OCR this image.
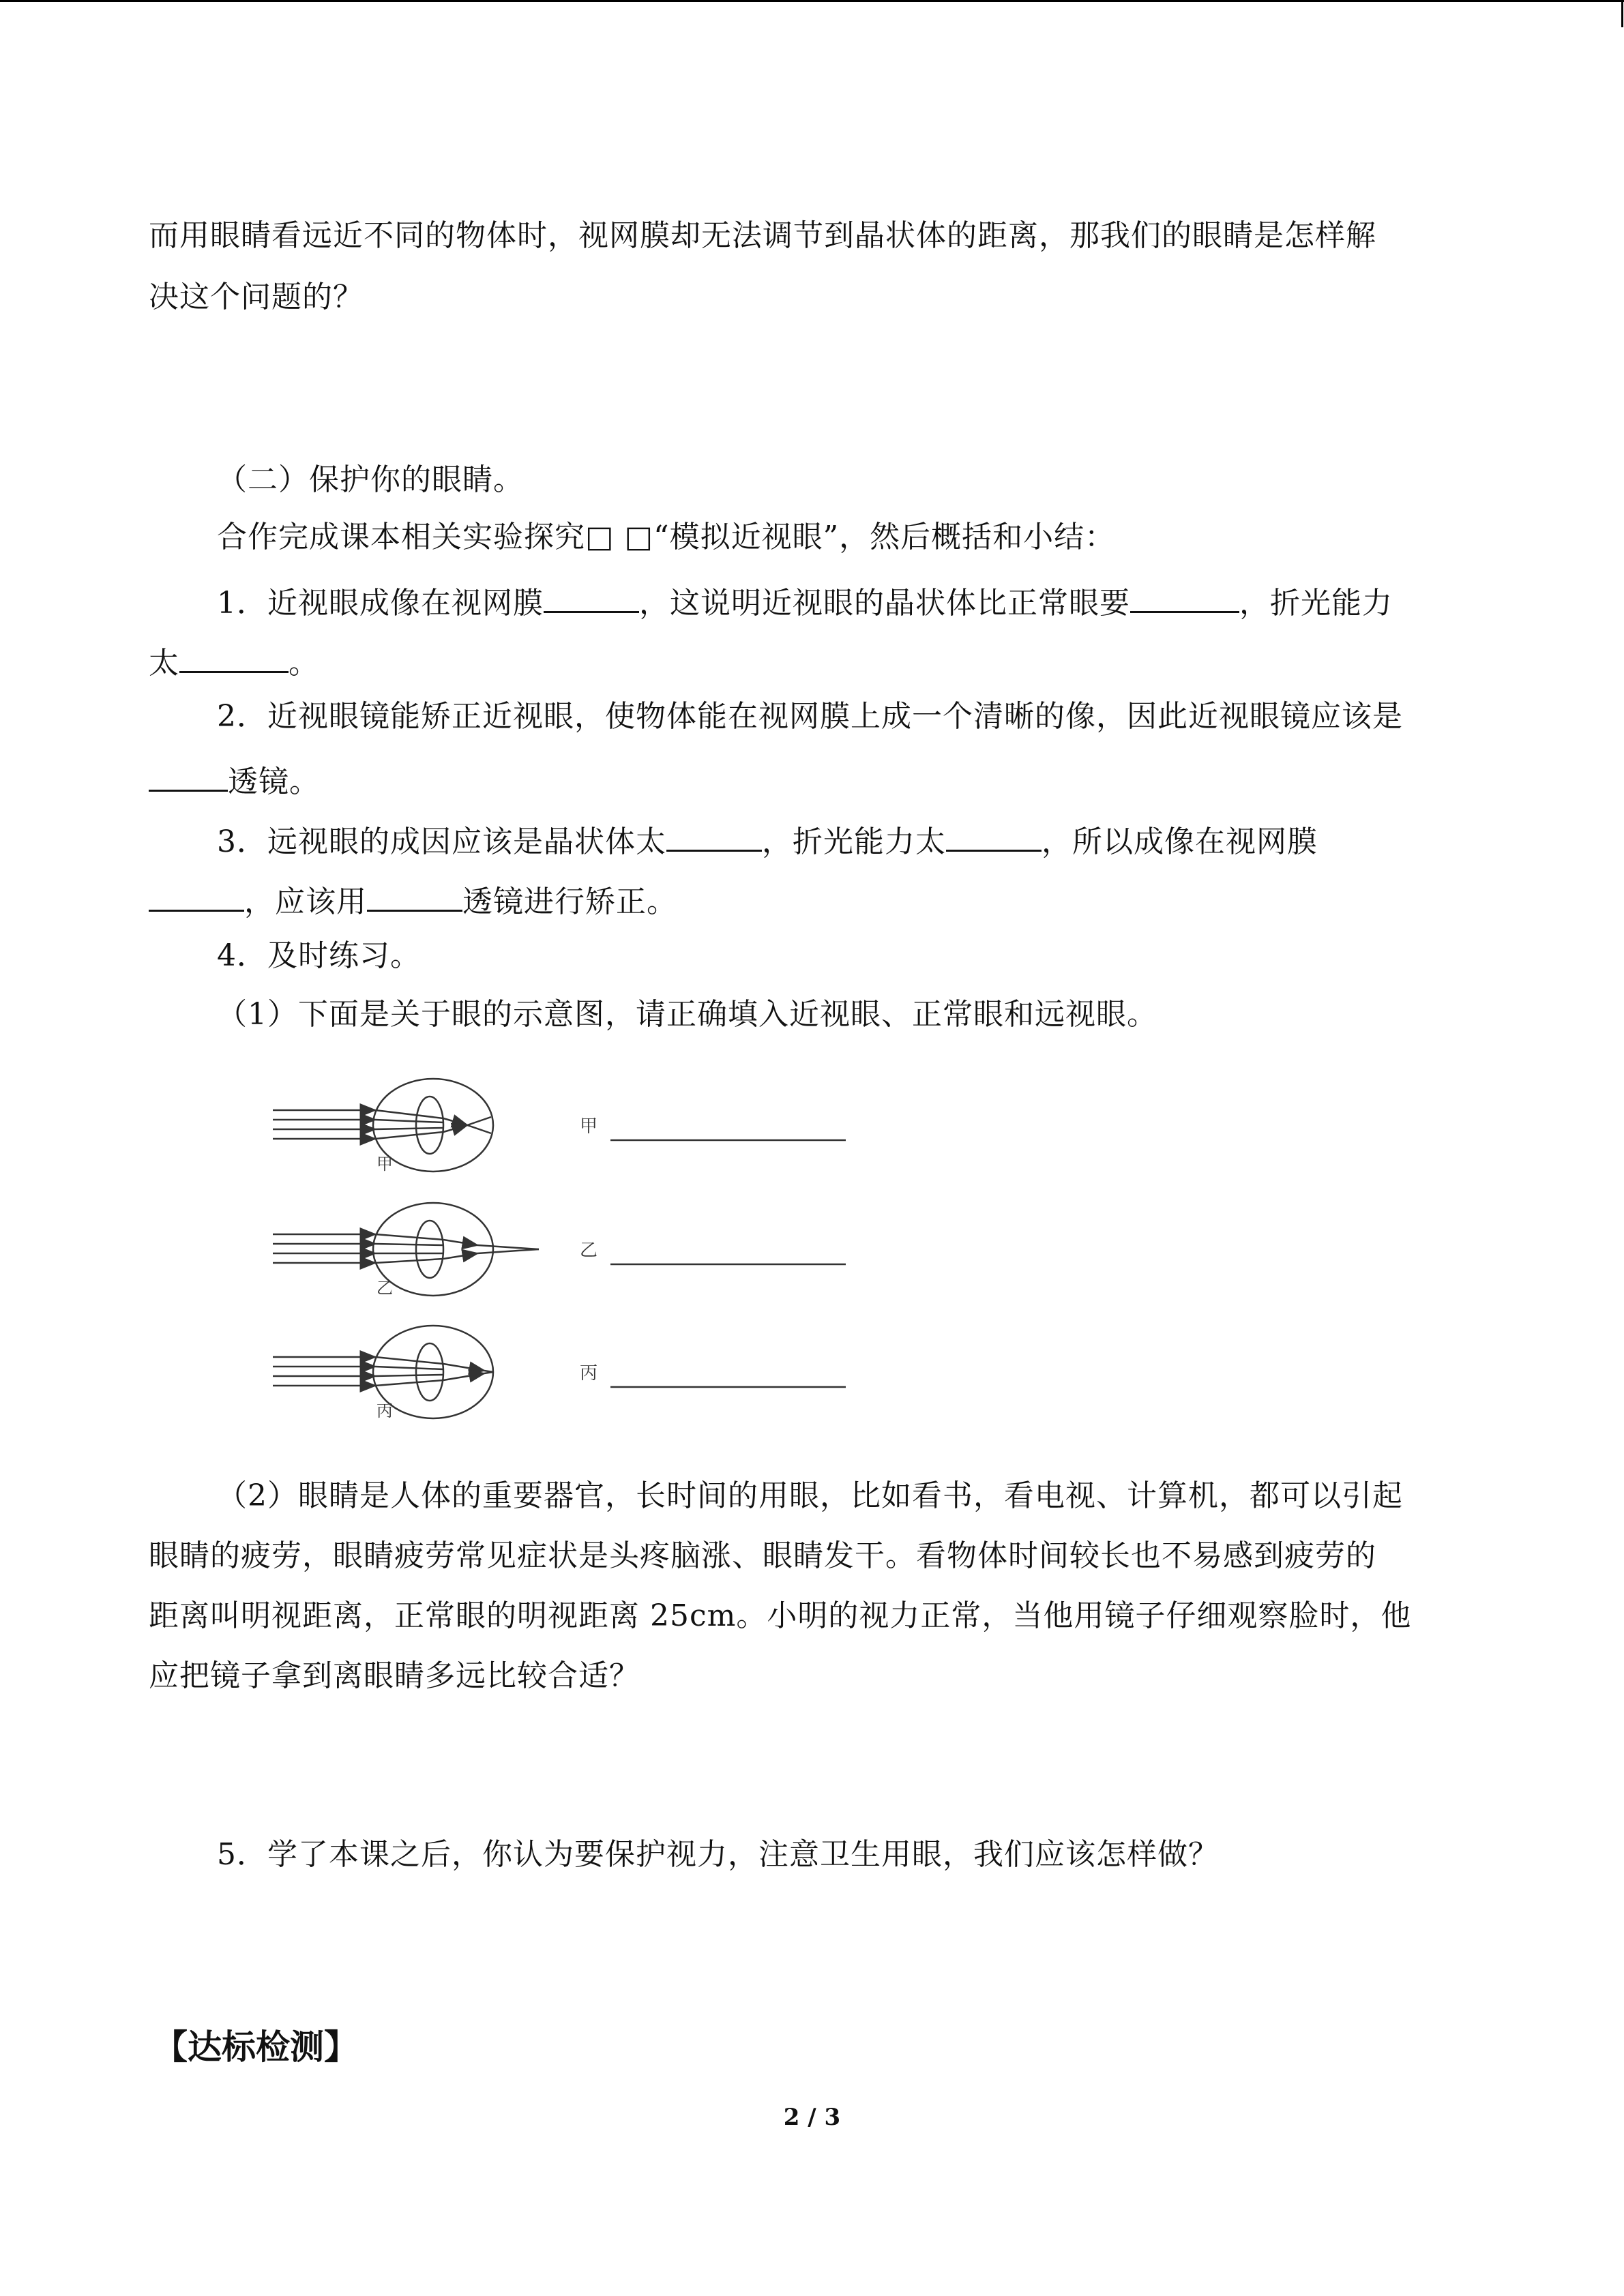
而用眼睛看远近不同的物体时，视网膜却无法调节到晶状体的距离，那我们的眼睛是怎样解
决这个问题的？
（二）保护你的眼睛。
合作完成课本相关实验探究□ □“模拟近视眼”，然后概括和小结：
1．近视眼成像在视网膜	，这说明近视眼的晶状体比正常眼要	，折光能力
太	。
2．近视眼镜能矫正近视眼，使物体能在视网膜上成一个清晰的像，因此近视眼镜应该是
透镜。
3．远视眼的成因应该是晶状体太	，折光能力太	，所以成像在视网膜
，应该用	透镜进行矫正。
4．及时练习。
（1）下面是关于眼的示意图，请正确填入近视眼、正常眼和远视眼。
甲
甲
乙
乙
丙
丙
（2）眼睛是人体的重要器官，长时间的用眼，比如看书，看电视、计算机，都可以引起
眼睛的疲劳，眼睛疲劳常见症状是头疼脑涨、眼睛发干。看物体时间较长也不易感到疲劳的
距离叫明视距离，正常眼的明视距离 25cm。小明的视力正常，当他用镜子仔细观察脸时，他
应把镜子拿到离眼睛多远比较合适？
5．学了本课之后，你认为要保护视力，注意卫生用眼，我们应该怎样做？
【达标检测】
2 / 3
